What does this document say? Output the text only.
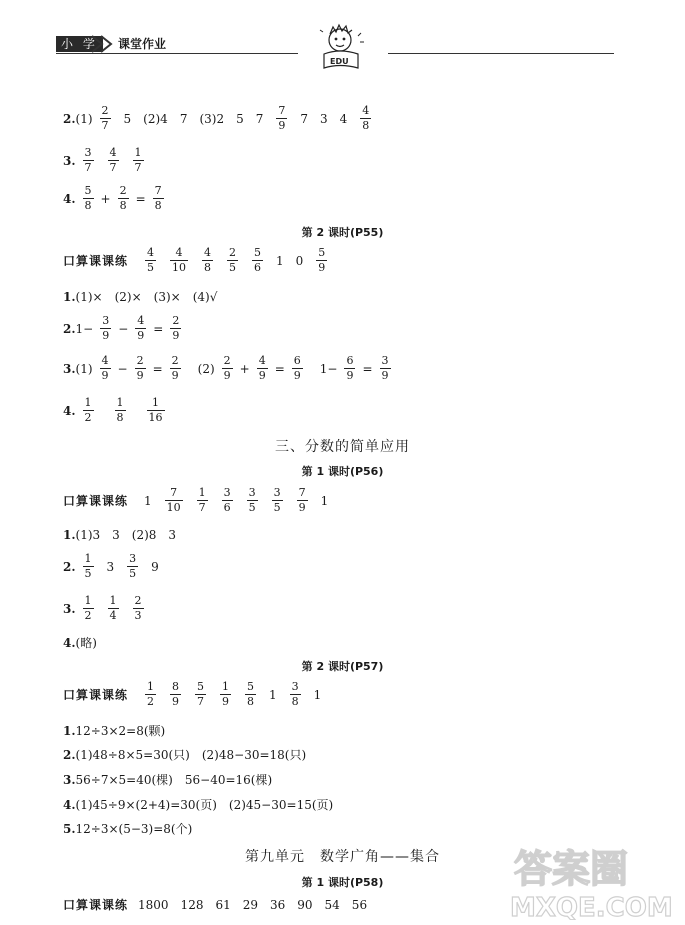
小 学	课堂作业
EDU
2. $(1) \frac{2}{7} 5$ (2)4 7 (3)2 5 $7 \frac{7}{9} 7$ 3 $4 \frac{4}{8}$
3. $\frac{3}{7} \frac{4}{7} \frac{1}{7}$
4. $\frac{5}{8} + \frac{2}{8} = \frac{7}{8}$
第 2 课时(P55)
口算课课练 $\frac{4}{5} \frac{4}{10} \frac{4}{8} \frac{2}{5} \frac{5}{6} 1$ $0 \frac{5}{9}$
1. (1)×　(2)×　(3)×　(4)√
2. $1- \frac{3}{9} - \frac{4}{9} = \frac{2}{9}$
3. $(1) \frac{4}{9} - \frac{2}{9} = \frac{2}{9} (2) \frac{2}{9} + \frac{4}{9} = \frac{6}{9} 1- \frac{6}{9} = \frac{3}{9}$
4. $\frac{1}{2} \frac{1}{8} \frac{1}{16}$
三、分数的简单应用
第 1 课时(P56)
口算课课练 $1 \frac{7}{10} \frac{1}{7} \frac{3}{6} \frac{3}{5} \frac{3}{5} \frac{7}{9} 1$
1. (1)3　3　(2)8　3
2. $\frac{1}{5} 3 \frac{3}{5} 9$
3. $\frac{1}{2} \frac{1}{4} \frac{2}{3}$
4. (略)
第 2 课时(P57)
口算课课练 $\frac{1}{2} \frac{8}{9} \frac{5}{7} \frac{1}{9} \frac{5}{8} 1 \frac{3}{8} 1$
1. 12÷3×2=8(颗)
2. (1)48÷8×5=30(只)　(2)48−30=18(只)
3. 56÷7×5=40(棵)　56−40=16(棵)
4. (1)45÷9×(2+4)=30(页)　(2)45−30=15(页)
5. 12÷3×(5−3)=8(个)
第九单元　数学广角——集合
第 1 课时(P58)
口算课课练 1800　128　61　29　36　90　54　56
答案圈
MXQE.COM
